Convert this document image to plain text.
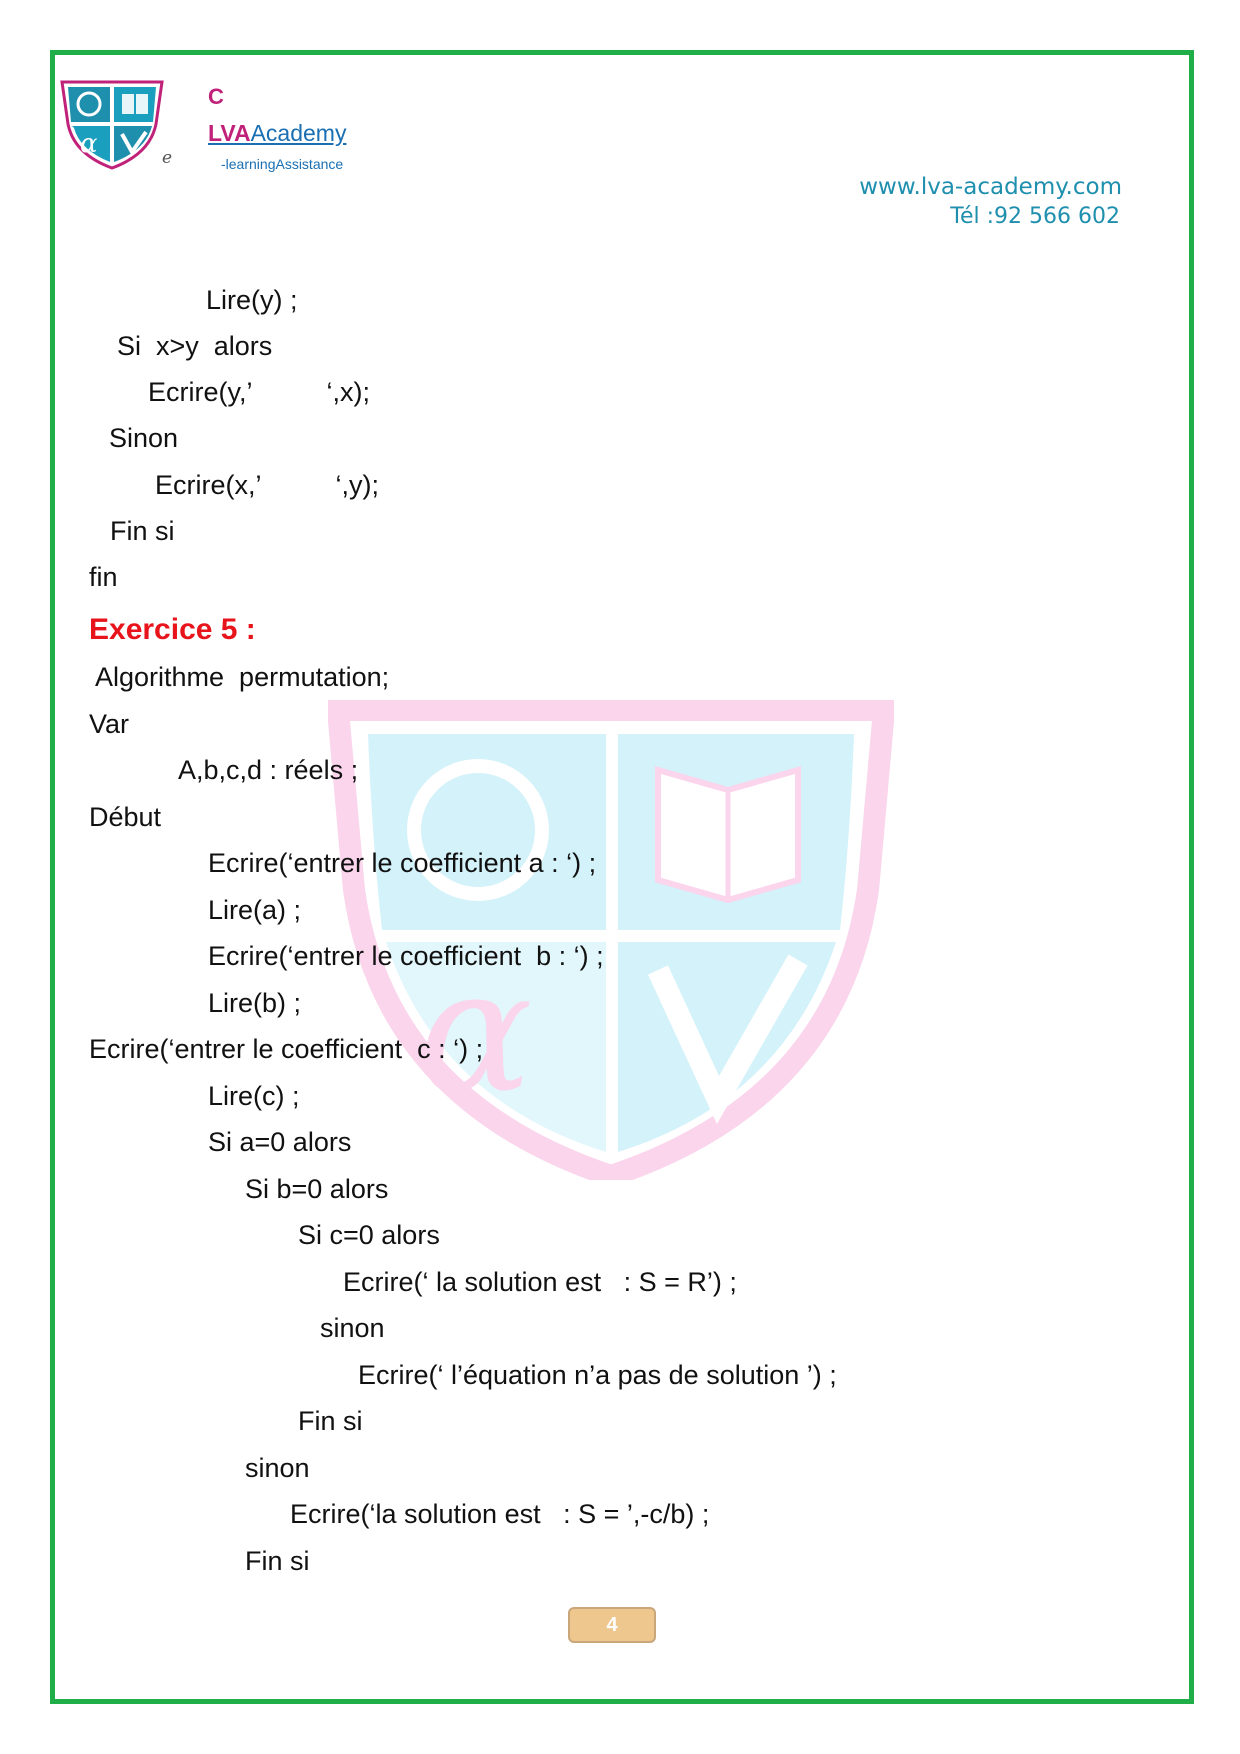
α
C
LVAAcademy
e	-learningAssistance
www.lva-academy.com
Tél :92 566 602
α
Lire(y) ;
Si  x>y  alors
Ecrire(y,’          ‘,x);
Sinon
Ecrire(x,’          ‘,y);
Fin si
fin
Exercice 5 :
Algorithme  permutation;
Var
A,b,c,d : réels ;
Début
Ecrire(‘entrer le coefficient a : ‘) ;
Lire(a) ;
Ecrire(‘entrer le coefficient  b : ‘) ;
Lire(b) ;
Ecrire(‘entrer le coefficient  c : ‘) ;
Lire(c) ;
Si a=0 alors
Si b=0 alors
Si c=0 alors
Ecrire(‘ la solution est   : S = R’) ;
sinon
Ecrire(‘ l’équation n’a pas de solution ’) ;
Fin si
sinon
Ecrire(‘la solution est   : S = ’,-c/b) ;
Fin si
4
